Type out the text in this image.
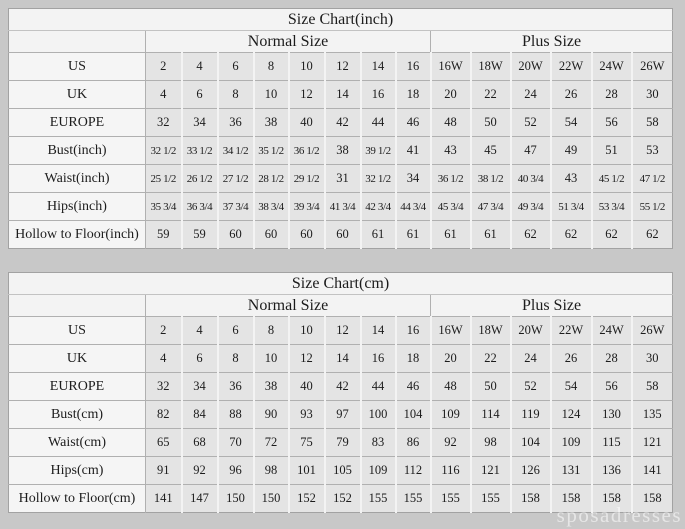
Size Chart(inch)														
	Normal Size								Plus Size					
US	2	4	6	8	10	12	14	16	16W	18W	20W	22W	24W	26W
UK	4	6	8	10	12	14	16	18	20	22	24	26	28	30
EUROPE	32	34	36	38	40	42	44	46	48	50	52	54	56	58
Bust(inch)	32 1/2	33 1/2	34 1/2	35 1/2	36 1/2	38	39 1/2	41	43	45	47	49	51	53
Waist(inch)	25 1/2	26 1/2	27 1/2	28 1/2	29 1/2	31	32 1/2	34	36 1/2	38 1/2	40 3/4	43	45 1/2	47 1/2
Hips(inch)	35 3/4	36 3/4	37 3/4	38 3/4	39 3/4	41 3/4	42 3/4	44 3/4	45 3/4	47 3/4	49 3/4	51 3/4	53 3/4	55 1/2
Hollow to Floor(inch)	59	59	60	60	60	60	61	61	61	61	62	62	62	62
Size Chart(cm)														
	Normal Size								Plus Size					
US	2	4	6	8	10	12	14	16	16W	18W	20W	22W	24W	26W
UK	4	6	8	10	12	14	16	18	20	22	24	26	28	30
EUROPE	32	34	36	38	40	42	44	46	48	50	52	54	56	58
Bust(cm)	82	84	88	90	93	97	100	104	109	114	119	124	130	135
Waist(cm)	65	68	70	72	75	79	83	86	92	98	104	109	115	121
Hips(cm)	91	92	96	98	101	105	109	112	116	121	126	131	136	141
Hollow to Floor(cm)	141	147	150	150	152	152	155	155	155	155	158	158	158	158
sposadresses
